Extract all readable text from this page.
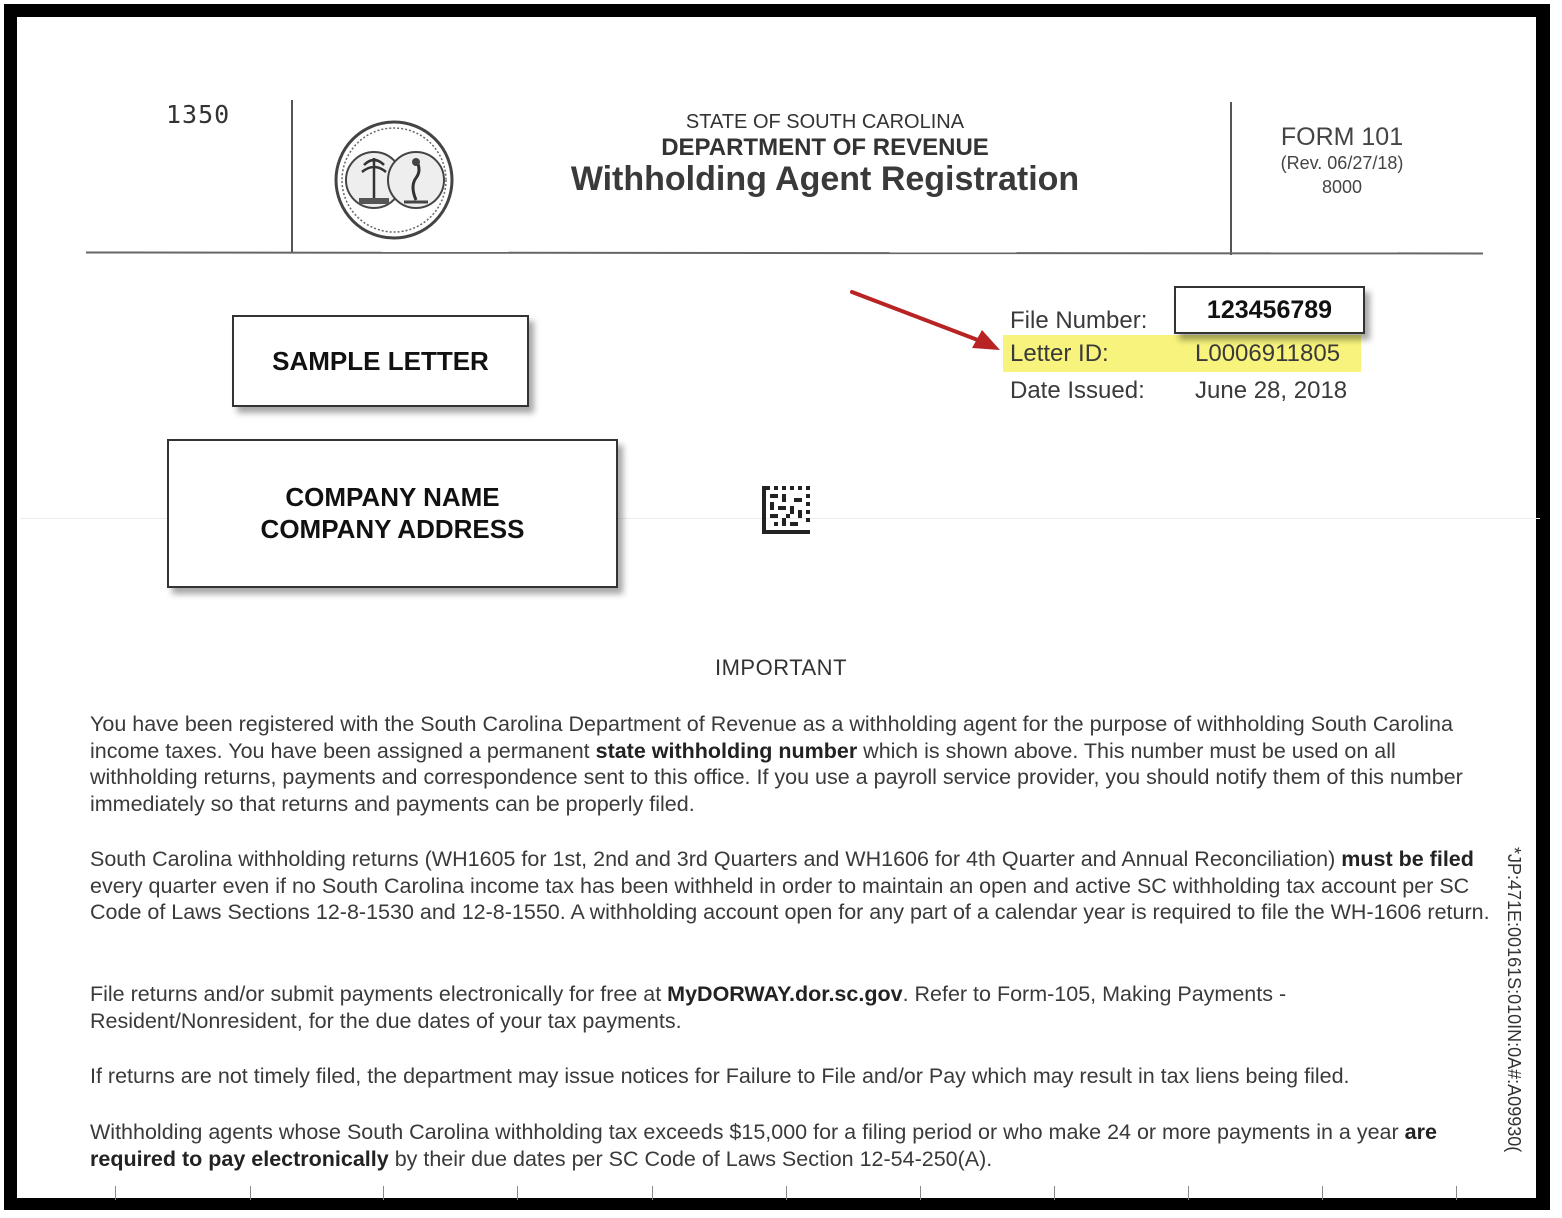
1350	STATE OF SOUTH CAROLINA
DEPARTMENT OF REVENUE
Withholding Agent Registration
FORM 101
(Rev. 06/27/18)
8000
SAMPLE LETTER
COMPANY NAME
COMPANY ADDRESS
File Number:	123456789
Letter ID:	L0006911805
Date Issued: June 28, 2018
IMPORTANT
You have been registered with the South Carolina Department of Revenue as a withholding agent for the purpose of withholding South Carolina income taxes. You have been assigned a permanent state withholding number which is shown above. This number must be used on all withholding returns, payments and correspondence sent to this office. If you use a payroll service provider, you should notify them of this number immediately so that returns and payments can be properly filed.
South Carolina withholding returns (WH1605 for 1st, 2nd and 3rd Quarters and WH1606 for 4th Quarter and Annual Reconciliation) must be filed every quarter even if no South Carolina income tax has been withheld in order to maintain an open and active SC withholding tax account per SC Code of Laws Sections 12-8-1530 and 12-8-1550. A withholding account open for any part of a calendar year is required to file the WH-1606 return.
File returns and/or submit payments electronically for free at MyDORWAY.dor.sc.gov. Refer to Form-105, Making Payments - Resident/Nonresident, for the due dates of your tax payments.
If returns are not timely filed, the department may issue notices for Failure to File and/or Pay which may result in tax liens being filed.
Withholding agents whose South Carolina withholding tax exceeds $15,000 for a filing period or who make 24 or more payments in a year are required to pay electronically by their due dates per SC Code of Laws Section 12-54-250(A).
*JP:471E:00161S:010IN:0A#:A09930(
